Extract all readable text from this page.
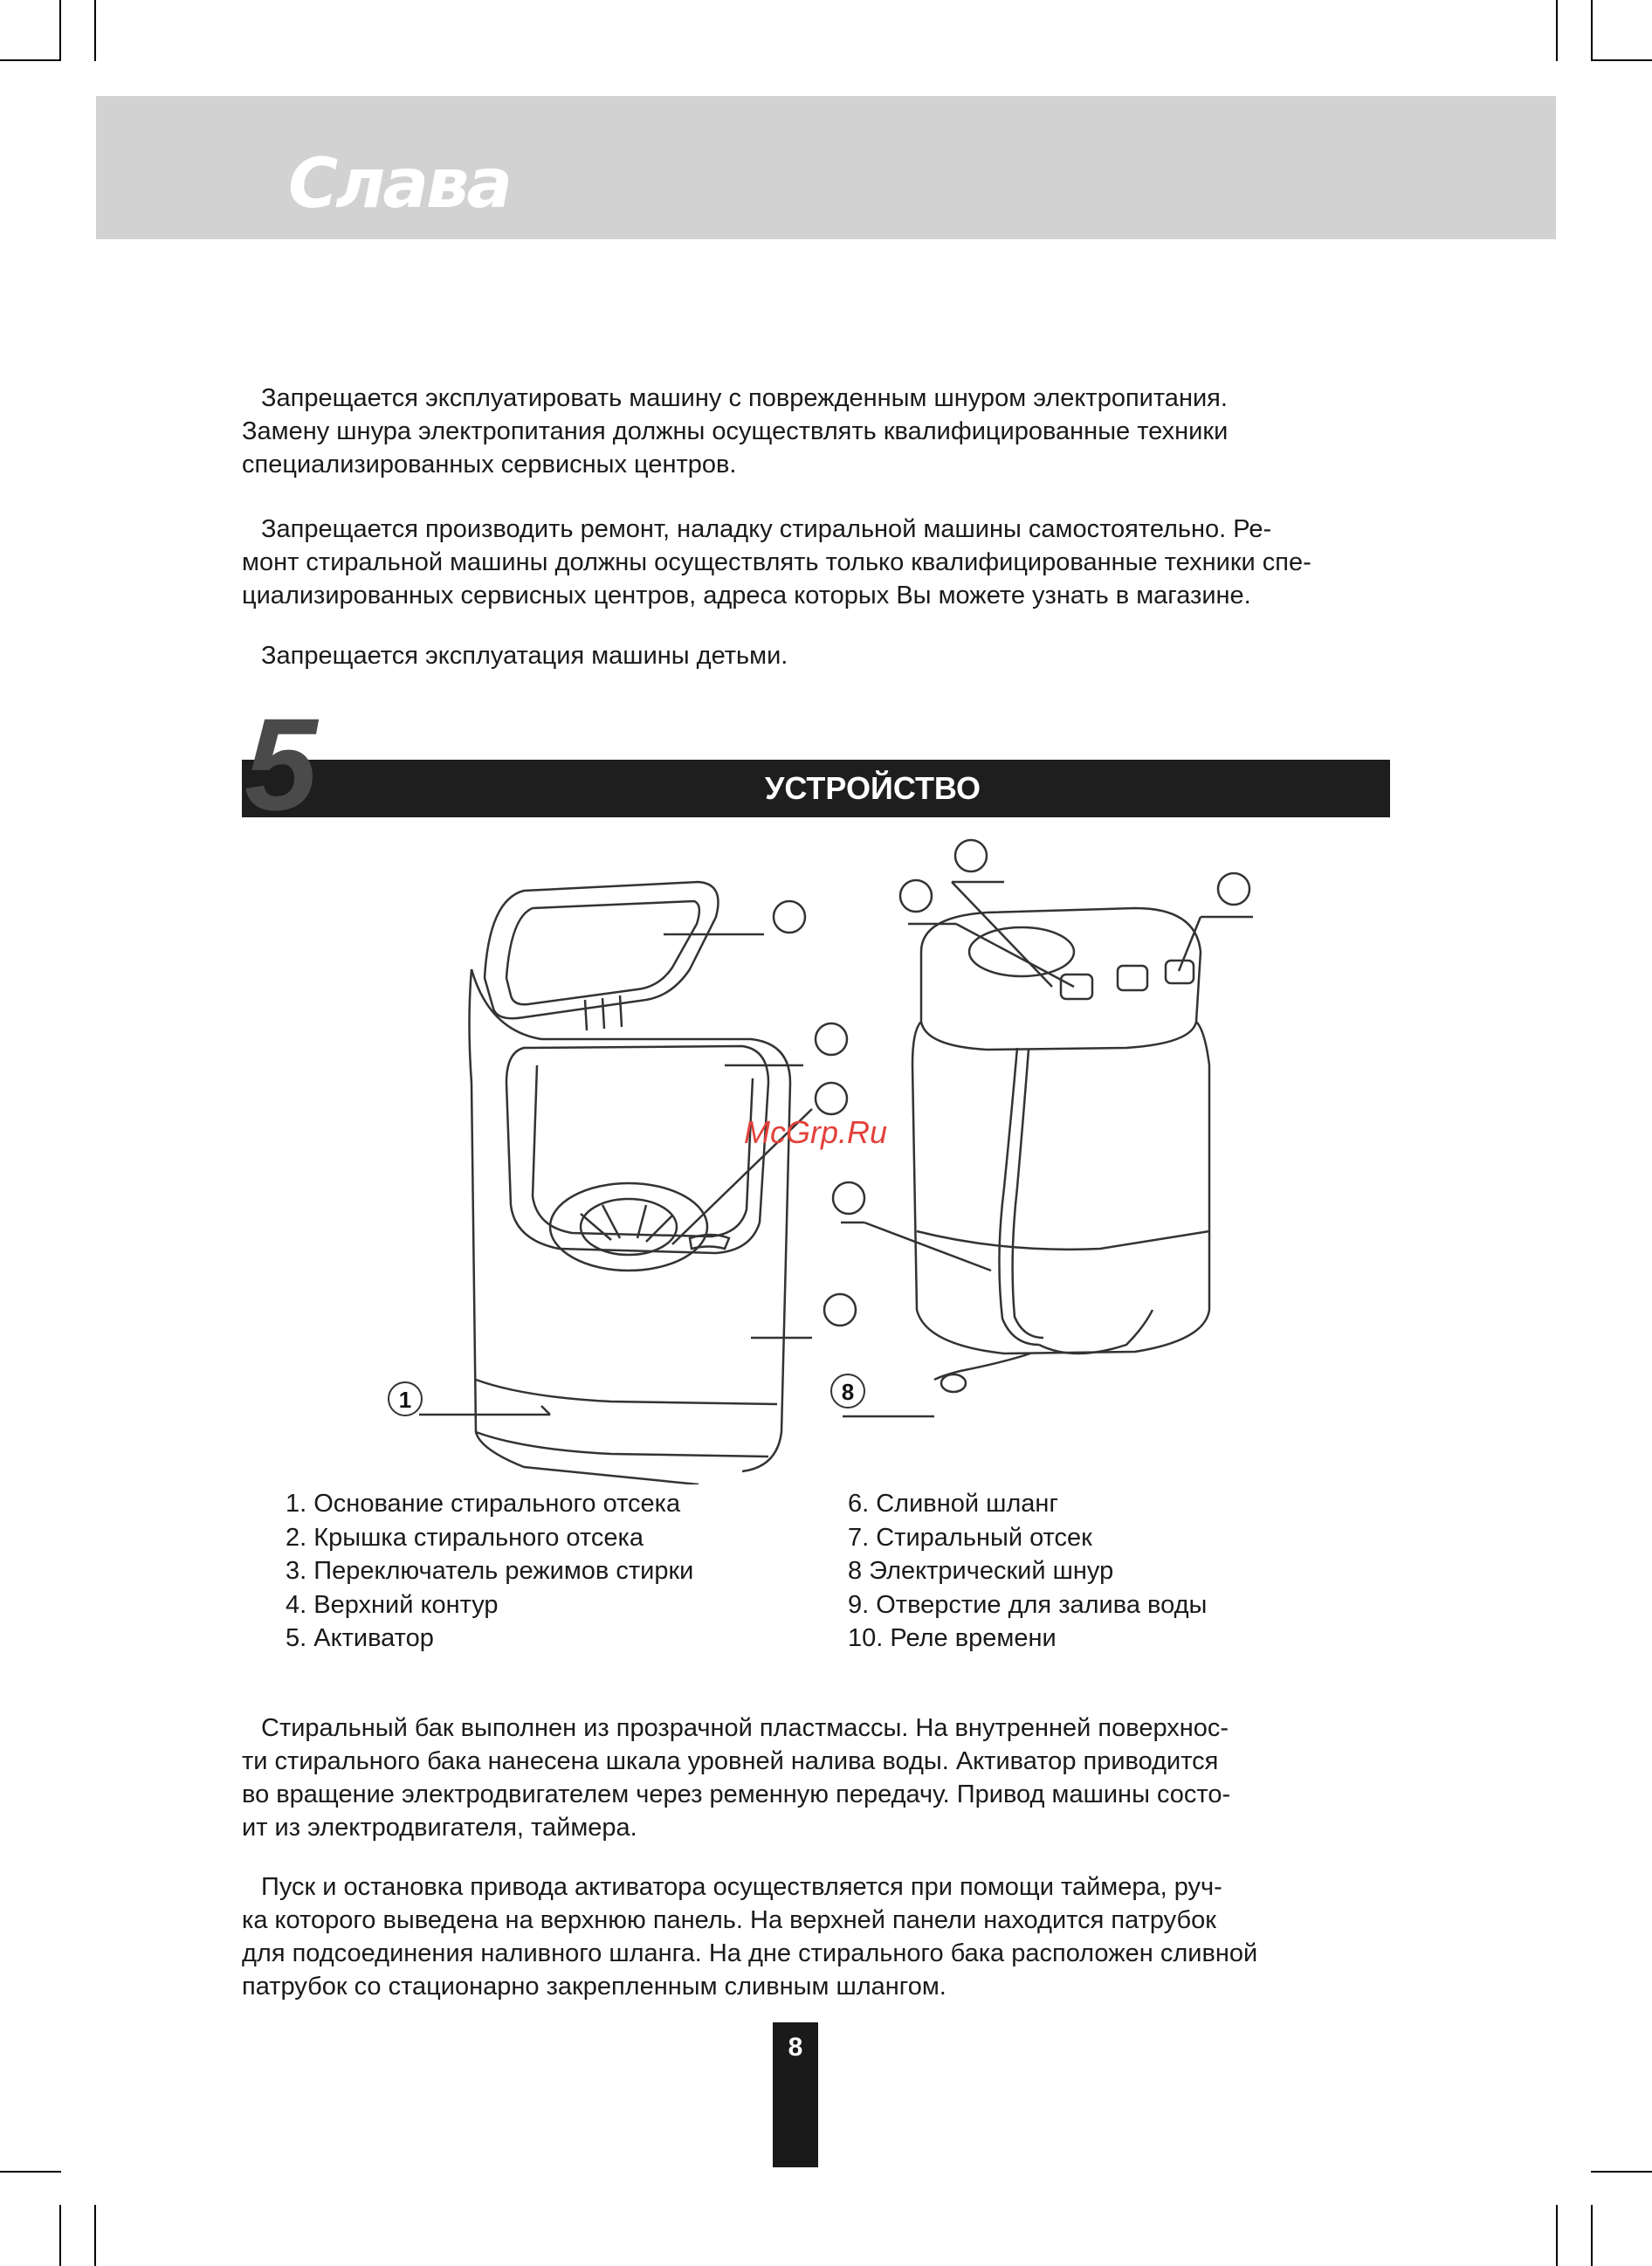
Слава

Запрещается эксплуатировать машину с поврежденным шнуром электропитания.
Замену шнура электропитания должны осуществлять квалифицированные техники
специализированных сервисных центров.

Запрещается производить ремонт, наладку стиральной машины самостоятельно. Ре-
монт стиральной машины должны осуществлять только квалифицированные техники спе-
циализированных сервисных центров, адреса которых Вы можете узнать в магазине.

Запрещается эксплуатация машины детьми.

УСТРОЙСТВО
5
1	8
McGrp.Ru
1. Основание стирального отсека
2. Крышка стирального отсека
3. Переключатель режимов стирки
4. Верхний контур
5. Активатор
6. Сливной шланг
7. Стиральный отсек
8 Электрический шнур
9. Отверстие для залива воды
10. Реле времени

Стиральный бак выполнен из прозрачной пластмассы. На внутренней поверхнос-
ти стирального бака нанесена шкала уровней налива воды. Активатор приводится
во вращение электродвигателем через ременную передачу. Привод машины состо-
ит из электродвигателя, таймера.

Пуск и остановка привода активатора осуществляется при помощи таймера, руч-
ка которого выведена на верхнюю панель. На верхней панели находится патрубок
для подсоединения наливного шланга. На дне стирального бака расположен сливной
патрубок со стационарно закрепленным сливным шлангом.

8
